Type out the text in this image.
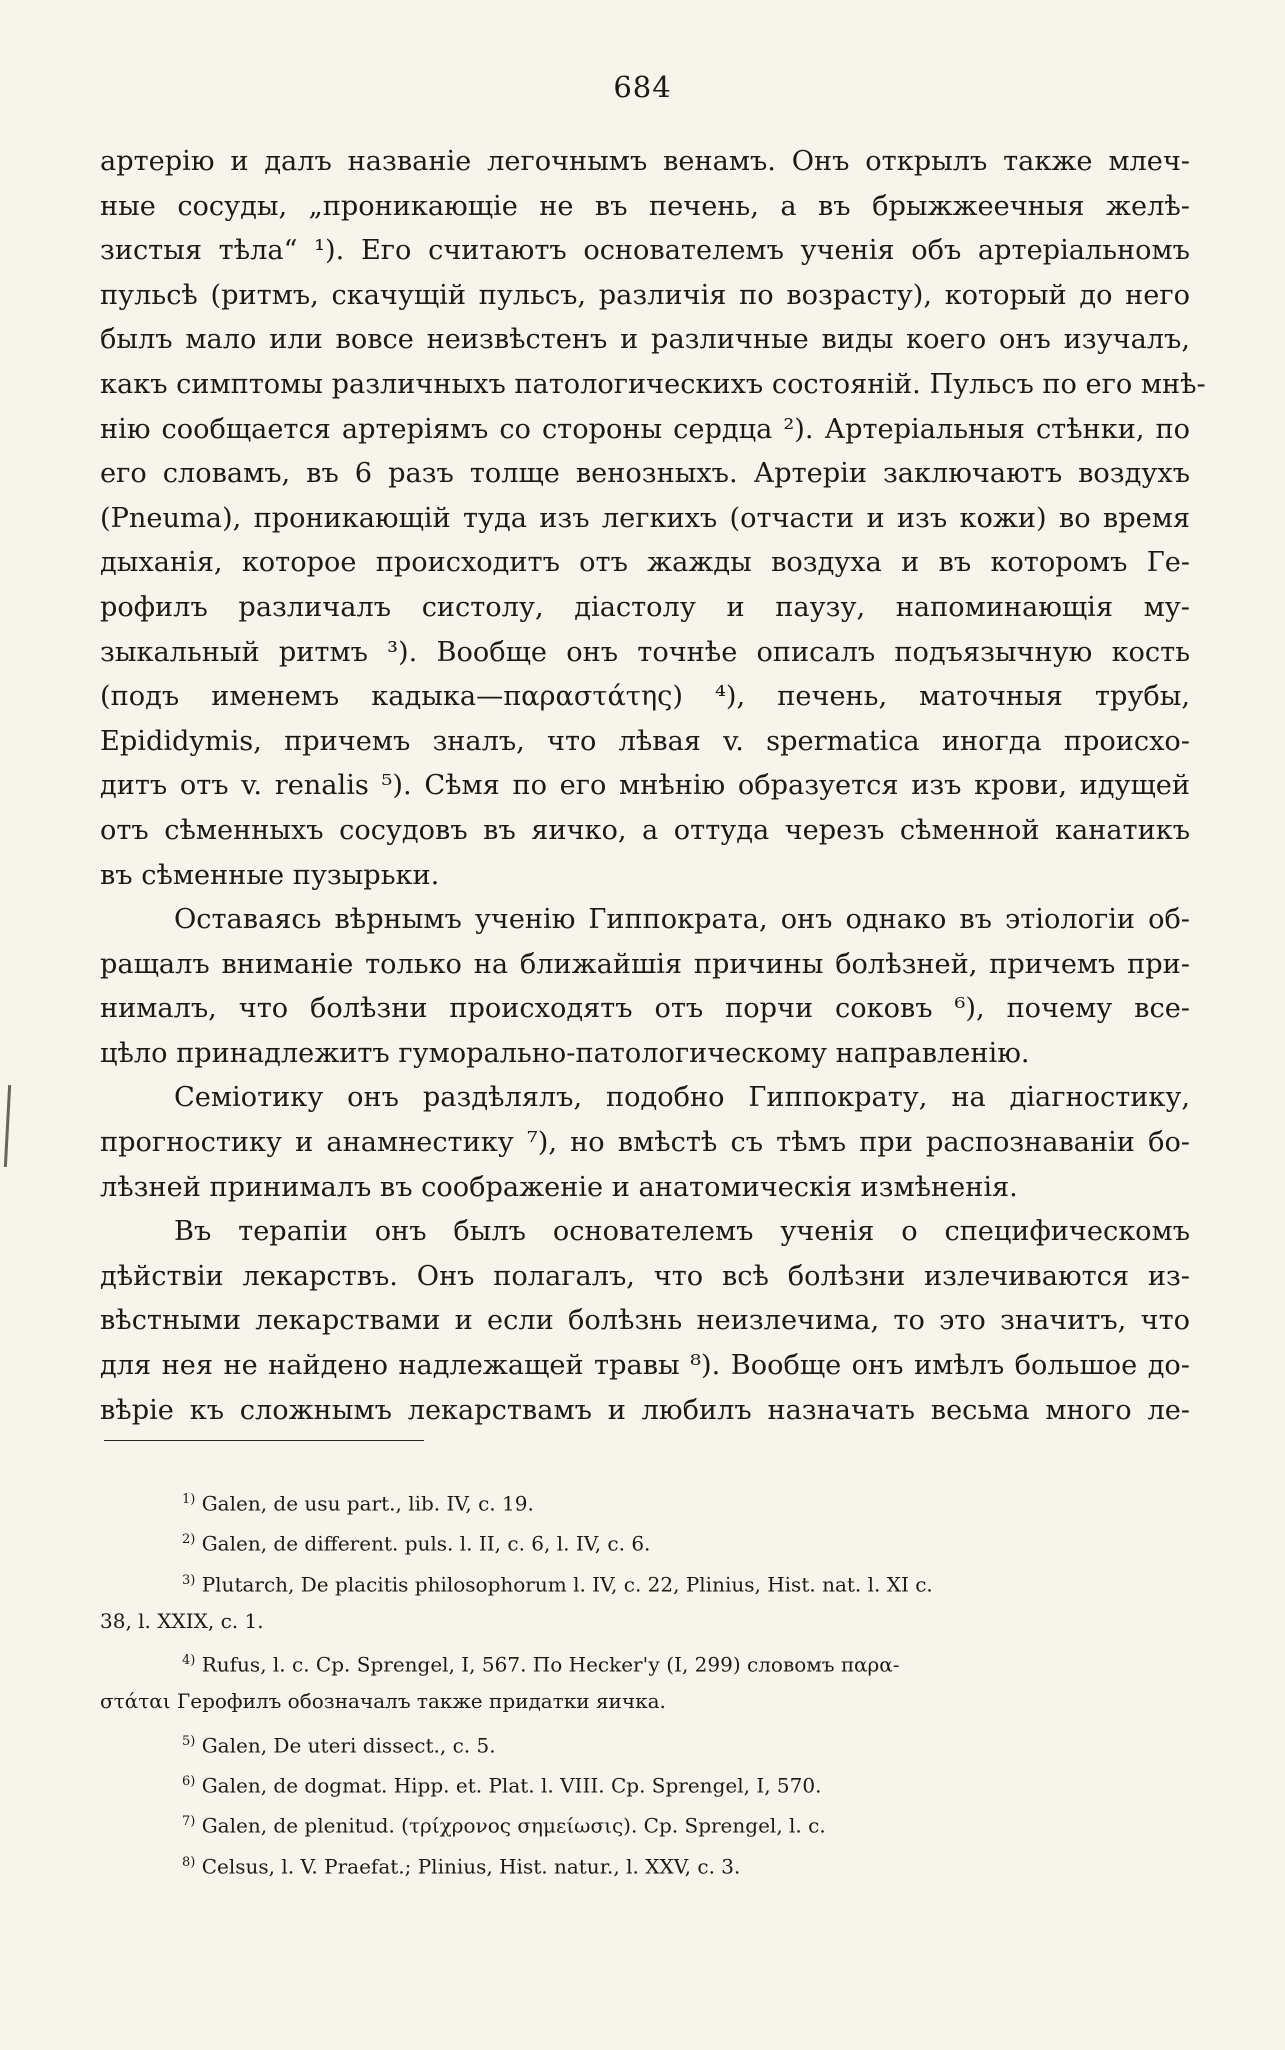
684
артерію и далъ названіе легочнымъ венамъ. Онъ открылъ также млеч-
ные сосуды, „проникающіе не въ печень, а въ брыжжеечныя желѣ-
зистыя тѣла“ ¹). Его считаютъ основателемъ ученія объ артеріальномъ
пульсѣ (ритмъ, скачущій пульсъ, различія по возрасту), который до него
былъ мало или вовсе неизвѣстенъ и различные виды коего онъ изучалъ,
какъ симптомы различныхъ патологическихъ состояній. Пульсъ по его мнѣ-
нію сообщается артеріямъ со стороны сердца ²). Артеріальныя стѣнки, по
его словамъ, въ 6 разъ толще венозныхъ. Артеріи заключаютъ воздухъ
(Pneuma), проникающій туда изъ легкихъ (отчасти и изъ кожи) во время
дыханія, которое происходитъ отъ жажды воздуха и въ которомъ Ге-
рофилъ различалъ систолу, діастолу и паузу, напоминающія му-
зыкальный ритмъ ³). Вообще онъ точнѣе описалъ подъязычную кость
(подъ именемъ кадыка—παραστάτης) ⁴), печень, маточныя трубы,
Epididymis, причемъ зналъ, что лѣвая v. spermatica иногда происхо-
дитъ отъ v. renalis ⁵). Сѣмя по его мнѣнію образуется изъ крови, идущей
отъ сѣменныхъ сосудовъ въ яичко, а оттуда черезъ сѣменной канатикъ
въ сѣменные пузырьки.
Оставаясь вѣрнымъ ученію Гиппократа, онъ однако въ этіологіи об-
ращалъ вниманіе только на ближайшія причины болѣзней, причемъ при-
нималъ, что болѣзни происходятъ отъ порчи соковъ ⁶), почему все-
цѣло принадлежитъ гуморально-патологическому направленію.
Семіотику онъ раздѣлялъ, подобно Гиппократу, на діагностику,
прогностику и анамнестику ⁷), но вмѣстѣ съ тѣмъ при распознаваніи бо-
лѣзней принималъ въ соображеніе и анатомическія измѣненія.
Въ терапіи онъ былъ основателемъ ученія о специфическомъ
дѣйствіи лекарствъ. Онъ полагалъ, что всѣ болѣзни излечиваются из-
вѣстными лекарствами и если болѣзнь неизлечима, то это значитъ, что
для нея не найдено надлежащей травы ⁸). Вообще онъ имѣлъ большое до-
вѣріе къ сложнымъ лекарствамъ и любилъ назначать весьма много ле-
$^{1)}$ Galen, de usu part., lib. IV, c. 19.
$^{2)}$ Galen, de different. puls. l. II, c. 6, l. IV, c. 6.
$^{3)}$ Plutarch, De placitis philosophorum l. IV, c. 22, Plinius, Hist. nat. l. XI c.
38, l. XXIX, c. 1.
$^{4)}$ Rufus, l. c. Cp. Sprengel, I, 567. По Hecker'у (I, 299) словомъ παρα-
στάται Герофилъ обозначалъ также придатки яичка.
$^{5)}$ Galen, De uteri dissect., c. 5.
$^{6)}$ Galen, de dogmat. Hipp. et. Plat. l. VIII. Cp. Sprengel, I, 570.
$^{7)}$ Galen, de plenitud. (τρίχρονος σημείωσις). Cp. Sprengel, l. c.
$^{8)}$ Celsus, l. V. Praefat.; Plinius, Hist. natur., l. XXV, c. 3.
